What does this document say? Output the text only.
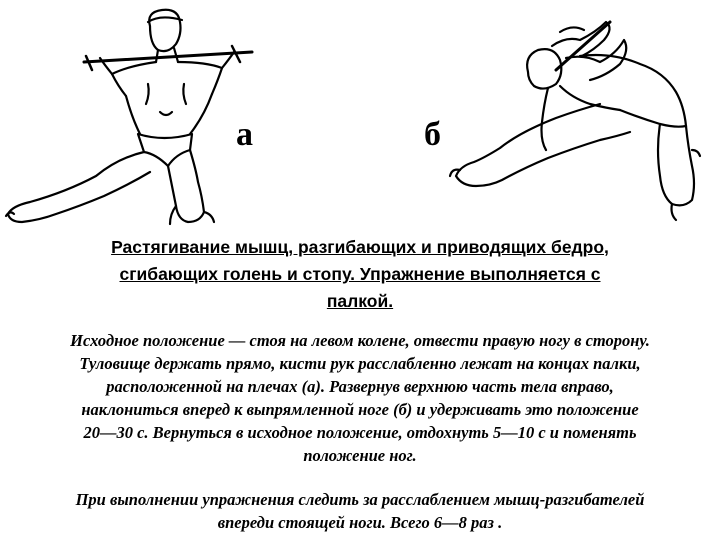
а	б
Растягивание мышц, разгибающих и приводящих бедро,
сгибающих голень и стопу. Упражнение выполняется с
палкой.
Исходное положение — стоя на левом колене, отвести правую ногу в сторону.
Туловище держать прямо, кисти рук расслабленно лежат на концах палки,
расположенной на плечах (а). Развернув верхнюю часть тела вправо,
наклониться вперед к выпрямленной ноге (б) и удерживать это положение
20—30 с. Вернуться в исходное положение, отдохнуть 5—10 с и поменять
положение ног.
При выполнении упражнения следить за расслаблением мышц-разгибателей
впереди стоящей ноги. Всего 6—8 раз .
